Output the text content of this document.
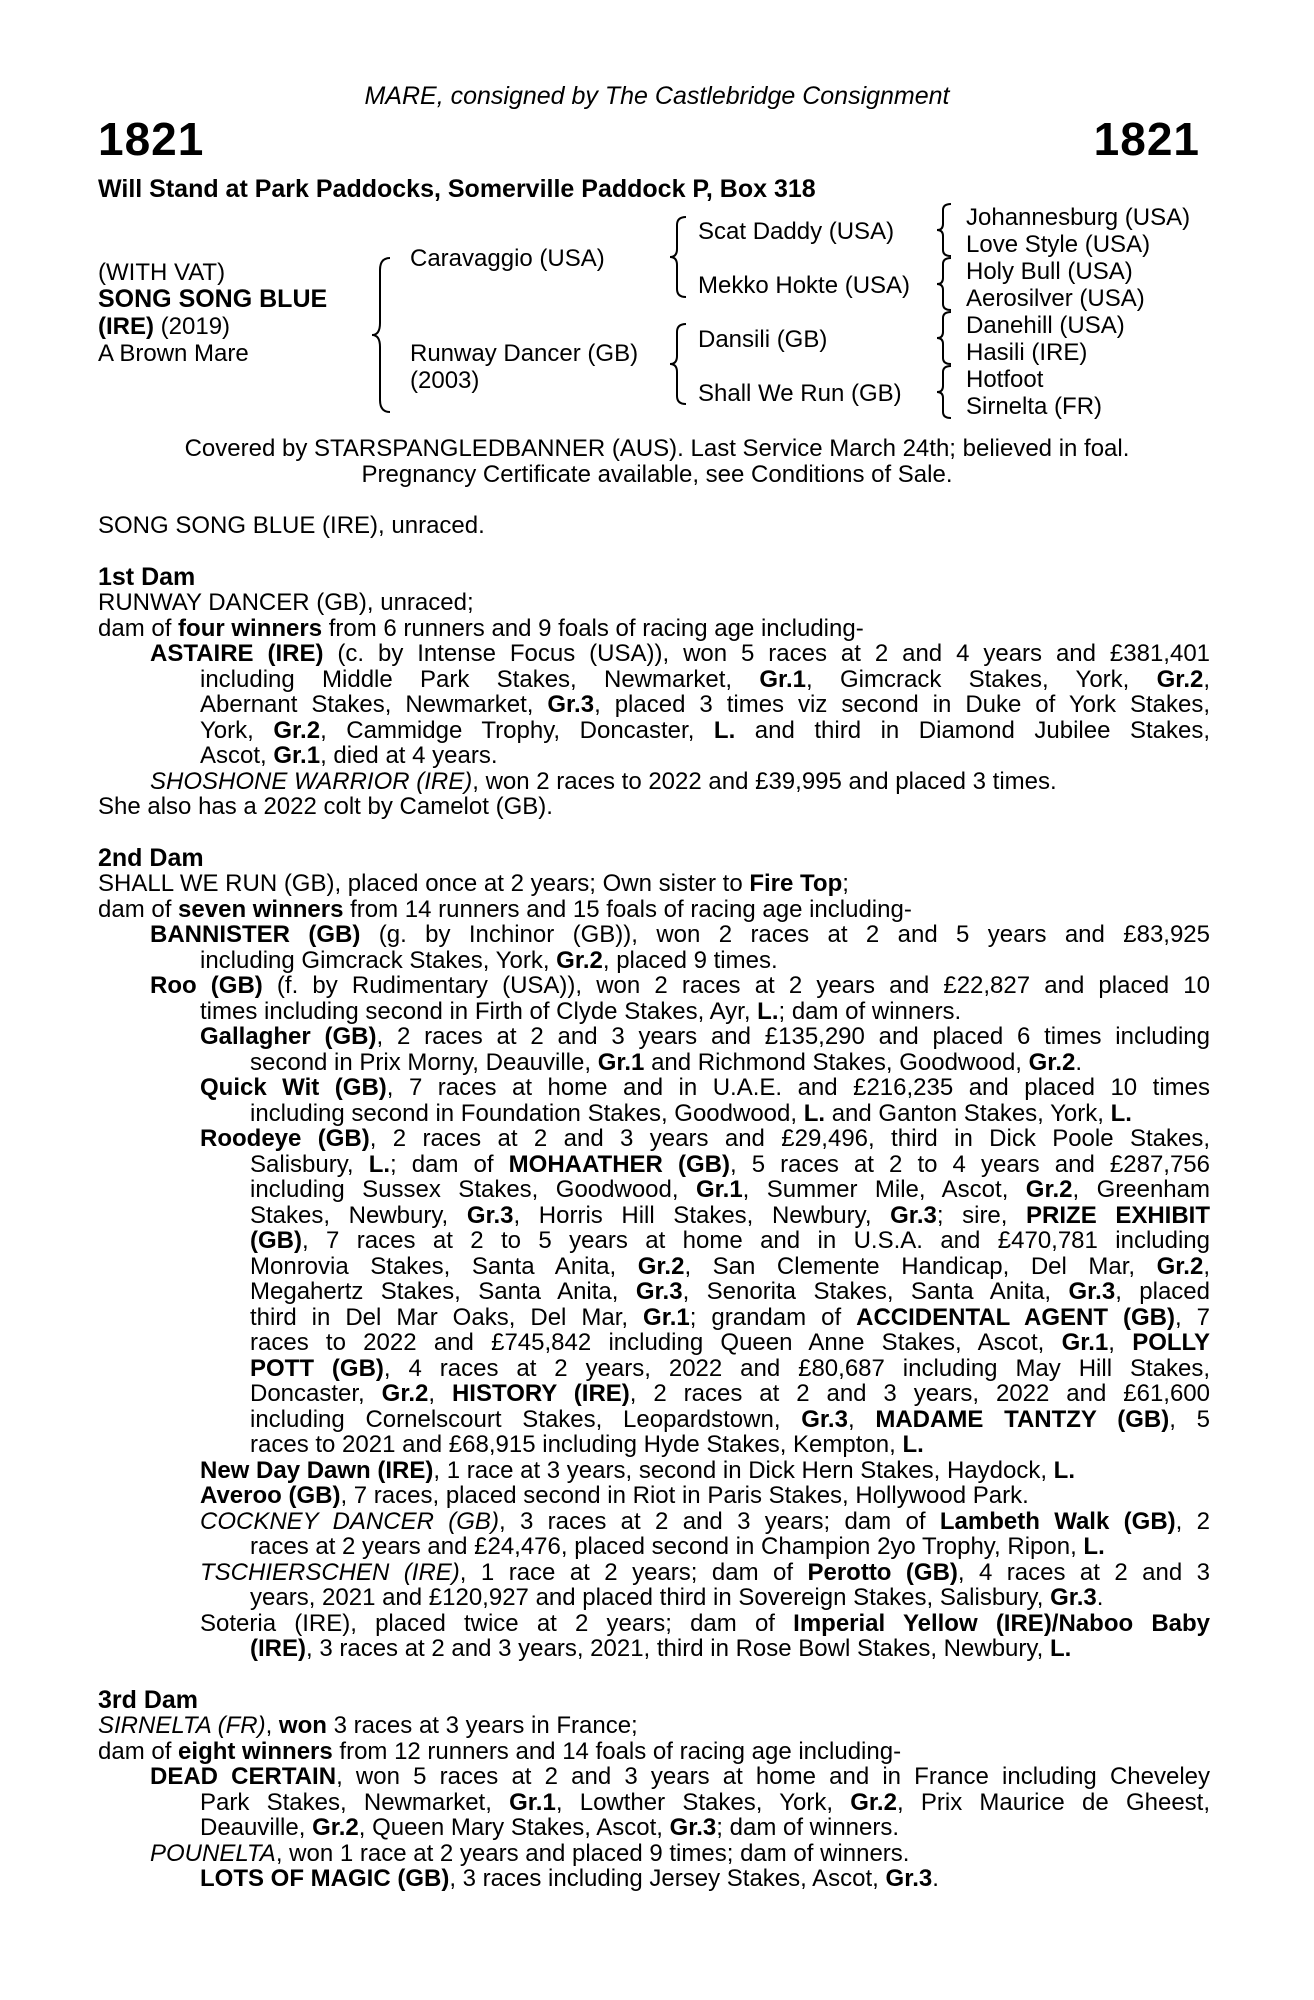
MARE, consigned by The Castlebridge Consignment
1821	1821
Will Stand at Park Paddocks, Somerville Paddock P, Box 318
(WITH VAT)
SONG SONG BLUE
(IRE) (2019)
A Brown Mare
Caravaggio (USA)
Runway Dancer (GB)
(2003)
Scat Daddy (USA)
Mekko Hokte (USA)
Dansili (GB)
Shall We Run (GB)
Johannesburg (USA)
Love Style (USA)
Holy Bull (USA)
Aerosilver (USA)
Danehill (USA)
Hasili (IRE)
Hotfoot
Sirnelta (FR)
Covered by STARSPANGLEDBANNER (AUS). Last Service March 24th; believed in foal.
Pregnancy Certificate available, see Conditions of Sale.
SONG SONG BLUE (IRE), unraced.
1st Dam
RUNWAY DANCER (GB), unraced;
dam of four winners from 6 runners and 9 foals of racing age including-
ASTAIRE (IRE) (c. by Intense Focus (USA)), won 5 races at 2 and 4 years and £381,401
including Middle Park Stakes, Newmarket, Gr.1, Gimcrack Stakes, York, Gr.2,
Abernant Stakes, Newmarket, Gr.3, placed 3 times viz second in Duke of York Stakes,
York, Gr.2, Cammidge Trophy, Doncaster, L. and third in Diamond Jubilee Stakes,
Ascot, Gr.1, died at 4 years.
SHOSHONE WARRIOR (IRE), won 2 races to 2022 and £39,995 and placed 3 times.
She also has a 2022 colt by Camelot (GB).
2nd Dam
SHALL WE RUN (GB), placed once at 2 years; Own sister to Fire Top;
dam of seven winners from 14 runners and 15 foals of racing age including-
BANNISTER (GB) (g. by Inchinor (GB)), won 2 races at 2 and 5 years and £83,925
including Gimcrack Stakes, York, Gr.2, placed 9 times.
Roo (GB) (f. by Rudimentary (USA)), won 2 races at 2 years and £22,827 and placed 10
times including second in Firth of Clyde Stakes, Ayr, L.; dam of winners.
Gallagher (GB), 2 races at 2 and 3 years and £135,290 and placed 6 times including
second in Prix Morny, Deauville, Gr.1 and Richmond Stakes, Goodwood, Gr.2.
Quick Wit (GB), 7 races at home and in U.A.E. and £216,235 and placed 10 times
including second in Foundation Stakes, Goodwood, L. and Ganton Stakes, York, L.
Roodeye (GB), 2 races at 2 and 3 years and £29,496, third in Dick Poole Stakes,
Salisbury, L.; dam of MOHAATHER (GB), 5 races at 2 to 4 years and £287,756
including Sussex Stakes, Goodwood, Gr.1, Summer Mile, Ascot, Gr.2, Greenham
Stakes, Newbury, Gr.3, Horris Hill Stakes, Newbury, Gr.3; sire, PRIZE EXHIBIT
(GB), 7 races at 2 to 5 years at home and in U.S.A. and £470,781 including
Monrovia Stakes, Santa Anita, Gr.2, San Clemente Handicap, Del Mar, Gr.2,
Megahertz Stakes, Santa Anita, Gr.3, Senorita Stakes, Santa Anita, Gr.3, placed
third in Del Mar Oaks, Del Mar, Gr.1; grandam of ACCIDENTAL AGENT (GB), 7
races to 2022 and £745,842 including Queen Anne Stakes, Ascot, Gr.1, POLLY
POTT (GB), 4 races at 2 years, 2022 and £80,687 including May Hill Stakes,
Doncaster, Gr.2, HISTORY (IRE), 2 races at 2 and 3 years, 2022 and £61,600
including Cornelscourt Stakes, Leopardstown, Gr.3, MADAME TANTZY (GB), 5
races to 2021 and £68,915 including Hyde Stakes, Kempton, L.
New Day Dawn (IRE), 1 race at 3 years, second in Dick Hern Stakes, Haydock, L.
Averoo (GB), 7 races, placed second in Riot in Paris Stakes, Hollywood Park.
COCKNEY DANCER (GB), 3 races at 2 and 3 years; dam of Lambeth Walk (GB), 2
races at 2 years and £24,476, placed second in Champion 2yo Trophy, Ripon, L.
TSCHIERSCHEN (IRE), 1 race at 2 years; dam of Perotto (GB), 4 races at 2 and 3
years, 2021 and £120,927 and placed third in Sovereign Stakes, Salisbury, Gr.3.
Soteria (IRE), placed twice at 2 years; dam of Imperial Yellow (IRE)/Naboo Baby
(IRE), 3 races at 2 and 3 years, 2021, third in Rose Bowl Stakes, Newbury, L.
3rd Dam
SIRNELTA (FR), won 3 races at 3 years in France;
dam of eight winners from 12 runners and 14 foals of racing age including-
DEAD CERTAIN, won 5 races at 2 and 3 years at home and in France including Cheveley
Park Stakes, Newmarket, Gr.1, Lowther Stakes, York, Gr.2, Prix Maurice de Gheest,
Deauville, Gr.2, Queen Mary Stakes, Ascot, Gr.3; dam of winners.
POUNELTA, won 1 race at 2 years and placed 9 times; dam of winners.
LOTS OF MAGIC (GB), 3 races including Jersey Stakes, Ascot, Gr.3.
